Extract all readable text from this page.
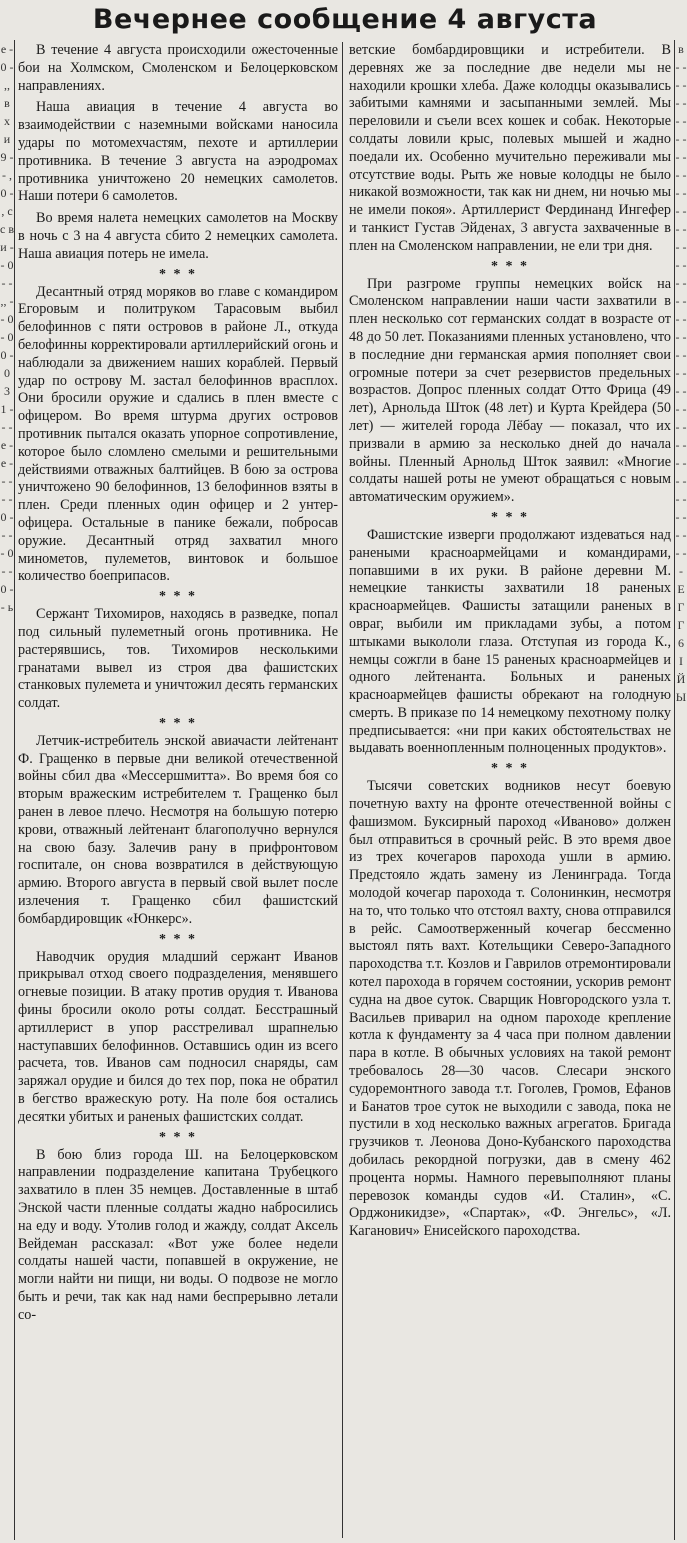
е - 0 - ,, в х и 9 - - , 0 - , с с в и - - 0 - - ,, - - 0 - 0 0 - 0 3 1 - - - е - е - - - - - 0 - - - - 0 - - 0 - - ь
в - - - - - - - - - - - - - - - - - - - - - - - - - - - - - - - - - - - - - - - - - - - - - - - - - - - - - - - - - Е Г Г 6 І Й Ы
Вечернее сообщение 4 августа

В течение 4 августа происходили ожесточенные бои на Холмском, Смоленском и Белоцерковском направлениях.

Наша авиация в течение 4 августа во взаимодействии с наземными войсками наносила удары по мотомехчастям, пехоте и артиллерии противника. В течение 3 августа на аэродромах противника уничтожено 20 немецких самолетов. Наши потери 6 самолетов.

Во время налета немецких самолетов на Москву в ночь с 3 на 4 августа сбито 2 немецких самолета. Наша авиация потерь не имела.

* * *

Десантный отряд моряков во главе с командиром Егоровым и политруком Тарасовым выбил белофиннов с пяти островов в районе Л., откуда белофинны корректировали артиллерийский огонь и наблюдали за движением наших кораблей. Первый удар по острову М. застал белофиннов врасплох. Они бросили оружие и сдались в плен вместе с офицером. Во время штурма других островов противник пытался оказать упорное сопротивление, которое было сломлено смелыми и решительными действиями отважных балтийцев. В бою за острова уничтожено 90 белофиннов, 13 белофиннов взяты в плен. Среди пленных один офицер и 2 унтер-офицера. Остальные в панике бежали, побросав оружие. Десантный отряд захватил много минометов, пулеметов, винтовок и большое количество боеприпасов.

* * *

Сержант Тихомиров, находясь в разведке, попал под сильный пулеметный огонь противника. Не растерявшись, тов. Тихомиров несколькими гранатами вывел из строя два фашистских станковых пулемета и уничтожил десять германских солдат.

* * *

Летчик-истребитель энской авиачасти лейтенант Ф. Гращенко в первые дни великой отечественной войны сбил два «Мессершмитта». Во время боя со вторым вражеским истребителем т. Гращенко был ранен в левое плечо. Несмотря на большую потерю крови, отважный лейтенант благополучно вернулся на свою базу. Залечив рану в прифронтовом госпитале, он снова возвратился в действующую армию. Второго августа в первый свой вылет после излечения т. Гращенко сбил фашистский бомбардировщик «Юнкерс».

* * *

Наводчик орудия младший сержант Иванов прикрывал отход своего подразделения, менявшего огневые позиции. В атаку против орудия т. Иванова фины бросили около роты солдат. Бесстрашный артиллерист в упор расстреливал шрапнелью наступавших белофиннов. Оставшись один из всего расчета, тов. Иванов сам подносил снаряды, сам заряжал орудие и бился до тех пор, пока не обратил в бегство вражескую роту. На поле боя остались десятки убитых и раненых фашистских солдат.

* * *

В бою близ города Ш. на Белоцерковском направлении подразделение капитана Трубецкого захватило в плен 35 немцев. Доставленные в штаб Энской части пленные солдаты жадно набросились на еду и воду. Утолив голод и жажду, солдат Аксель Вейдеман рассказал: «Вот уже более недели солдаты нашей части, попавшей в окружение, не могли найти ни пищи, ни воды. О подвозе не могло быть и речи, так как над нами беспрерывно летали со-

ветские бомбардировщики и истребители. В деревнях же за последние две недели мы не находили крошки хлеба. Даже колодцы оказывались забитыми камнями и засыпанными землей. Мы переловили и съели всех кошек и собак. Некоторые солдаты ловили крыс, полевых мышей и жадно поедали их. Особенно мучительно переживали мы отсутствие воды. Рыть же новые колодцы не было никакой возможности, так как ни днем, ни ночью мы не имели покоя». Артиллерист Фердинанд Ингефер и танкист Густав Эйденах, 3 августа захваченные в плен на Смоленском направлении, не ели три дня.

* * *

При разгроме группы немецких войск на Смоленском направлении наши части захватили в плен несколько сот германских солдат в возрасте от 48 до 50 лет. Показаниями пленных установлено, что в последние дни германская армия пополняет свои огромные потери за счет резервистов предельных возрастов. Допрос пленных солдат Отто Фрица (49 лет), Арнольда Шток (48 лет) и Курта Крейдера (50 лет) — жителей города Лёбау — показал, что их призвали в армию за несколько дней до начала войны. Пленный Арнольд Шток заявил: «Многие солдаты нашей роты не умеют обращаться с новым автоматическим оружием».

* * *

Фашистские изверги продолжают издеваться над ранеными красноармейцами и командирами, попавшими в их руки. В районе деревни М. немецкие танкисты захватили 18 раненых красноармейцев. Фашисты затащили раненых в овраг, выбили им прикладами зубы, а потом штыками выкололи глаза. Отступая из города К., немцы сожгли в бане 15 раненых красноармейцев и одного лейтенанта. Больных и раненых красноармейцев фашисты обрекают на голодную смерть. В приказе по 14 немецкому пехотному полку предписывается: «ни при каких обстоятельствах не выдавать военнопленным полноценных продуктов».

* * *

Тысячи советских водников несут боевую почетную вахту на фронте отечественной войны с фашизмом. Буксирный пароход «Иваново» должен был отправиться в срочный рейс. В это время двое из трех кочегаров парохода ушли в армию. Предстояло ждать замену из Ленинграда. Тогда молодой кочегар парохода т. Солонинкин, несмотря на то, что только что отстоял вахту, снова отправился в рейс. Самоотверженный кочегар бессменно выстоял пять вахт. Котельщики Северо-Западного пароходства т.т. Козлов и Гаврилов отремонтировали котел парохода в горячем состоянии, ускорив ремонт судна на двое суток. Сварщик Новгородского узла т. Васильев приварил на одном пароходе крепление котла к фундаменту за 4 часа при полном давлении пара в котле. В обычных условиях на такой ремонт требовалось 28—30 часов. Слесари энского судоремонтного завода т.т. Гоголев, Громов, Ефанов и Банатов трое суток не выходили с завода, пока не пустили в ход несколько важных агрегатов. Бригада грузчиков т. Леонова Доно-Кубанского пароходства добилась рекордной погрузки, дав в смену 462 процента нормы. Намного перевыполняют планы перевозок команды судов «И. Сталин», «С. Орджоникидзе», «Спартак», «Ф. Энгельс», «Л. Каганович» Енисейского пароходства.
